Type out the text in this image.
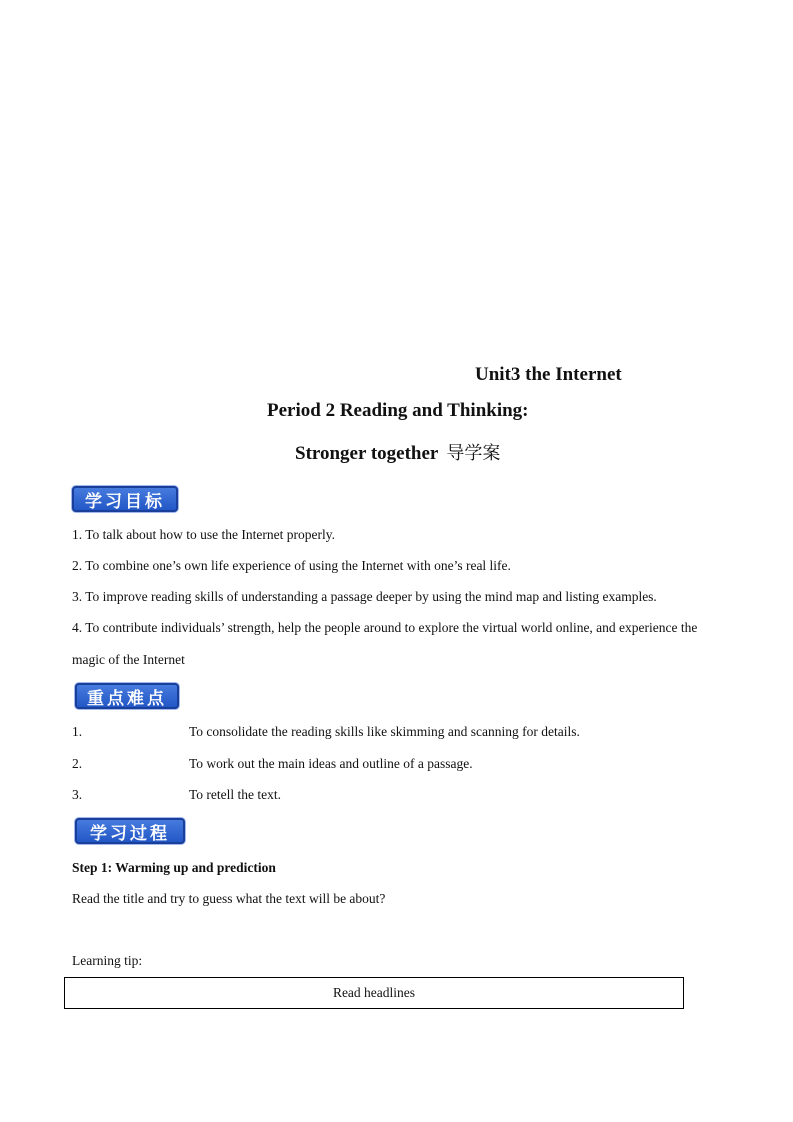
Unit3 the Internet
Period 2 Reading and Thinking:
Stronger together 导学案
学习目标
1. To talk about how to use the Internet properly.
2. To combine one’s own life experience of using the Internet with one’s real life.
3. To improve reading skills of understanding a passage deeper by using the mind map and listing examples.
4. To contribute individuals’ strength, help the people around to explore the virtual world online, and experience the
magic of the Internet
重点难点
1.	To consolidate the reading skills like skimming and scanning for details.
2.	To work out the main ideas and outline of a passage.
3.	To retell the text.
学习过程
Step 1: Warming up and prediction
Read the title and try to guess what the text will be about?
Learning tip:
Read headlines
